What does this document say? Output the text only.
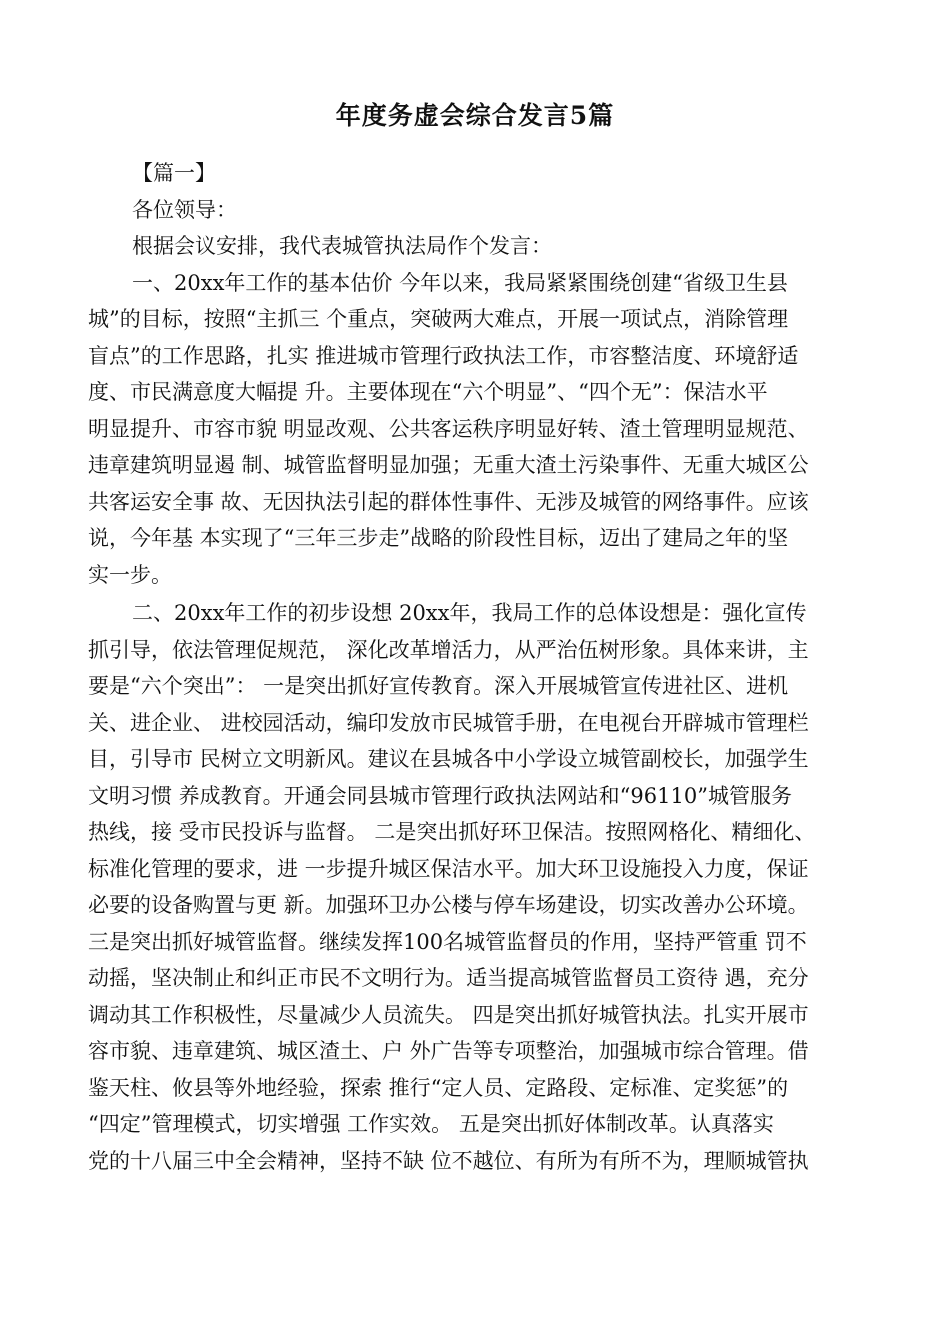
年度务虚会综合发言5篇
【篇一】
各位领导：
根据会议安排，我代表城管执法局作个发言：
一、20xx年工作的基本估价 今年以来，我局紧紧围绕创建“省级卫生县
城”的目标，按照“主抓三 个重点，突破两大难点，开展一项试点，消除管理
盲点”的工作思路，扎实 推进城市管理行政执法工作，市容整洁度、环境舒适
度、市民满意度大幅提 升。主要体现在“六个明显”、“四个无”：保洁水平
明显提升、市容市貌 明显改观、公共客运秩序明显好转、渣土管理明显规范、
违章建筑明显遏 制、城管监督明显加强；无重大渣土污染事件、无重大城区公
共客运安全事 故、无因执法引起的群体性事件、无涉及城管的网络事件。应该
说，今年基 本实现了“三年三步走”战略的阶段性目标，迈出了建局之年的坚
实一步。
二、20xx年工作的初步设想 20xx年，我局工作的总体设想是：强化宣传
抓引导，依法管理促规范， 深化改革增活力，从严治伍树形象。具体来讲，主
要是“六个突出”： 一是突出抓好宣传教育。深入开展城管宣传进社区、进机
关、进企业、 进校园活动，编印发放市民城管手册，在电视台开辟城市管理栏
目，引导市 民树立文明新风。建议在县城各中小学设立城管副校长，加强学生
文明习惯 养成教育。开通会同县城市管理行政执法网站和“96110”城管服务
热线，接 受市民投诉与监督。 二是突出抓好环卫保洁。按照网格化、精细化、
标准化管理的要求，进 一步提升城区保洁水平。加大环卫设施投入力度，保证
必要的设备购置与更 新。加强环卫办公楼与停车场建设，切实改善办公环境。
三是突出抓好城管监督。继续发挥100名城管监督员的作用，坚持严管重 罚不
动摇，坚决制止和纠正市民不文明行为。适当提高城管监督员工资待 遇，充分
调动其工作积极性，尽量减少人员流失。 四是突出抓好城管执法。扎实开展市
容市貌、违章建筑、城区渣土、户 外广告等专项整治，加强城市综合管理。借
鉴天柱、攸县等外地经验，探索 推行“定人员、定路段、定标准、定奖惩”的
“四定”管理模式，切实增强 工作实效。 五是突出抓好体制改革。认真落实
党的十八届三中全会精神，坚持不缺 位不越位、有所为有所不为，理顺城管执
